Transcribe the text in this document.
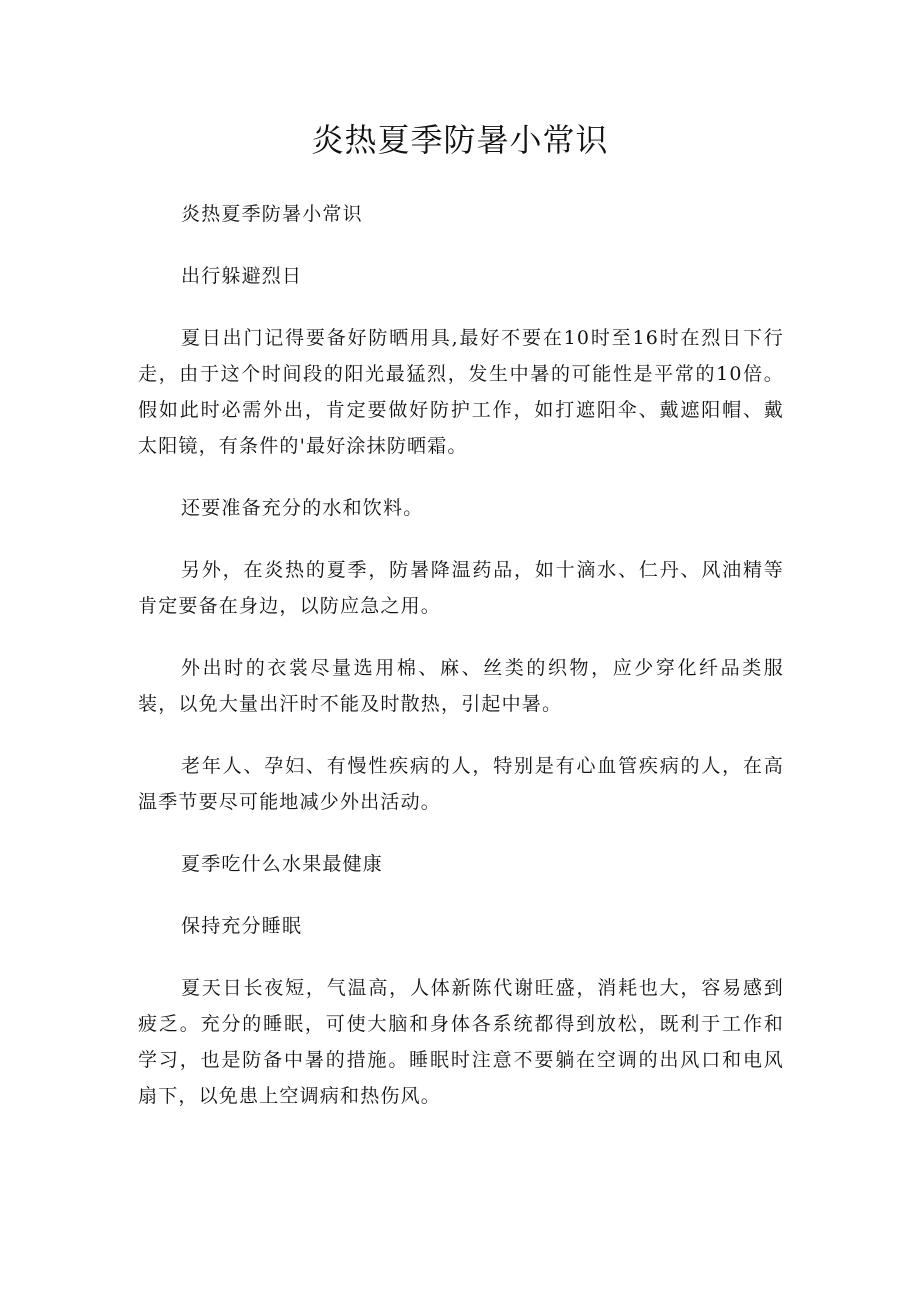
炎热夏季防暑小常识

炎热夏季防暑小常识

出行躲避烈日

夏日出门记得要备好防晒用具,最好不要在10时至16时在烈日下行走，由于这个时间段的阳光最猛烈，发生中暑的可能性是平常的10倍。假如此时必需外出，肯定要做好防护工作，如打遮阳伞、戴遮阳帽、戴太阳镜，有条件的'最好涂抹防晒霜。

还要准备充分的水和饮料。

另外，在炎热的夏季，防暑降温药品，如十滴水、仁丹、风油精等肯定要备在身边，以防应急之用。

外出时的衣裳尽量选用棉、麻、丝类的织物，应少穿化纤品类服装，以免大量出汗时不能及时散热，引起中暑。

老年人、孕妇、有慢性疾病的人，特别是有心血管疾病的人，在高温季节要尽可能地减少外出活动。

夏季吃什么水果最健康

保持充分睡眠

夏天日长夜短，气温高，人体新陈代谢旺盛，消耗也大，容易感到疲乏。充分的睡眠，可使大脑和身体各系统都得到放松，既利于工作和学习，也是防备中暑的措施。睡眠时注意不要躺在空调的出风口和电风扇下，以免患上空调病和热伤风。
